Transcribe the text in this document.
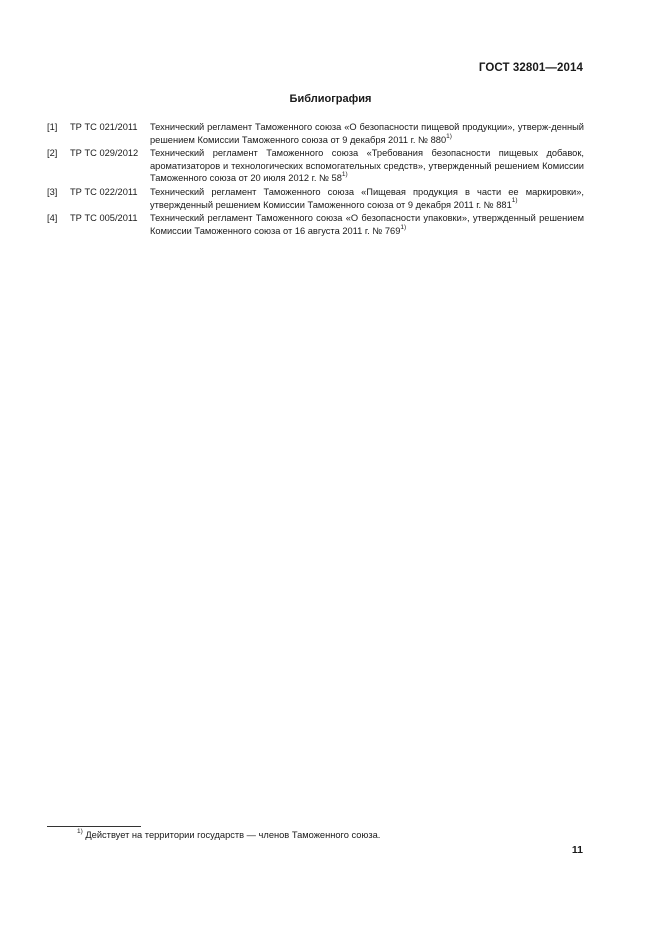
ГОСТ 32801—2014
Библиография
[1]	ТР ТС 021/2011	Технический регламент Таможенного союза «О безопасности пищевой продукции», утверж-денный решением Комиссии Таможенного союза от 9 декабря 2011 г. № 880$^{1)}$
[2]	ТР ТС 029/2012	Технический регламент Таможенного союза «Требования безопасности пищевых добавок, ароматизаторов и технологических вспомогательных средств», утвержденный решением Комиссии Таможенного союза от 20 июля 2012 г. № 58$^{1)}$
[3]	ТР ТС 022/2011	Технический регламент Таможенного союза «Пищевая продукция в части ее маркировки», утвержденный решением Комиссии Таможенного союза от 9 декабря 2011 г. № 881$^{1)}$
[4]	ТР ТС 005/2011	Технический регламент Таможенного союза «О безопасности упаковки», утвержденный решением Комиссии Таможенного союза от 16 августа 2011 г. № 769$^{1)}$
$^{1)}$ Действует на территории государств — членов Таможенного союза.
11
